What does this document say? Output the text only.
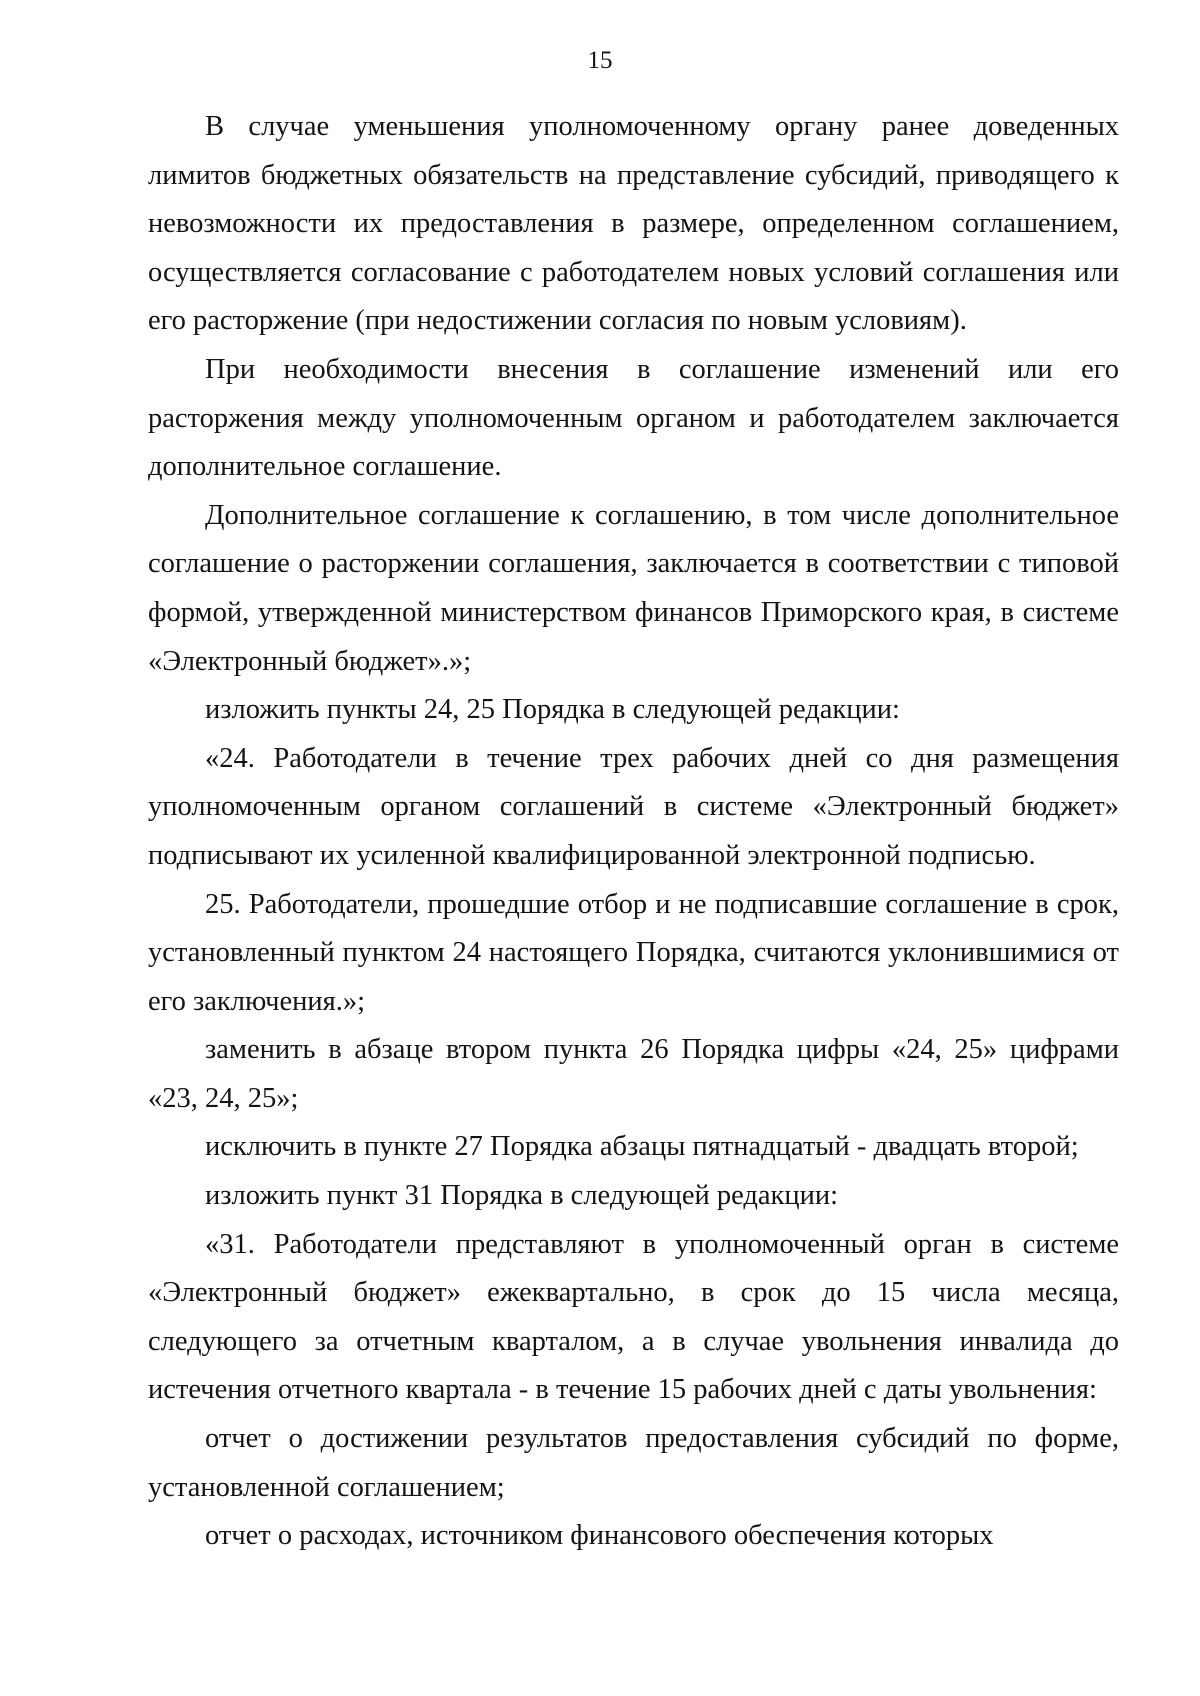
15

В случае уменьшения уполномоченному органу ранее доведенных лимитов бюджетных обязательств на представление субсидий, приводящего к невозможности их предоставления в размере, определенном соглашением, осуществляется согласование с работодателем новых условий соглашения или его расторжение (при недостижении согласия по новым условиям).

При необходимости внесения в соглашение изменений или его расторжения между уполномоченным органом и работодателем заключается дополнительное соглашение.

Дополнительное соглашение к соглашению, в том числе дополнительное соглашение о расторжении соглашения, заключается в соответствии с типовой формой, утвержденной министерством финансов Приморского края, в системе «Электронный бюджет».»;

изложить пункты 24, 25 Порядка в следующей редакции:

«24. Работодатели в течение трех рабочих дней со дня размещения уполномоченным органом соглашений в системе «Электронный бюджет» подписывают их усиленной квалифицированной электронной подписью.

25. Работодатели, прошедшие отбор и не подписавшие соглашение в срок, установленный пунктом 24 настоящего Порядка, считаются уклонившимися от его заключения.»;

заменить в абзаце втором пункта 26 Порядка цифры «24, 25» цифрами «23, 24, 25»;

исключить в пункте 27 Порядка абзацы пятнадцатый - двадцать второй;

изложить пункт 31 Порядка в следующей редакции:

«31. Работодатели представляют в уполномоченный орган в системе «Электронный бюджет» ежеквартально, в срок до 15 числа месяца, следующего за отчетным кварталом, а в случае увольнения инвалида до истечения отчетного квартала - в течение 15 рабочих дней с даты увольнения:

отчет о достижении результатов предоставления субсидий по форме, установленной соглашением;

отчет о расходах, источником финансового обеспечения которых
